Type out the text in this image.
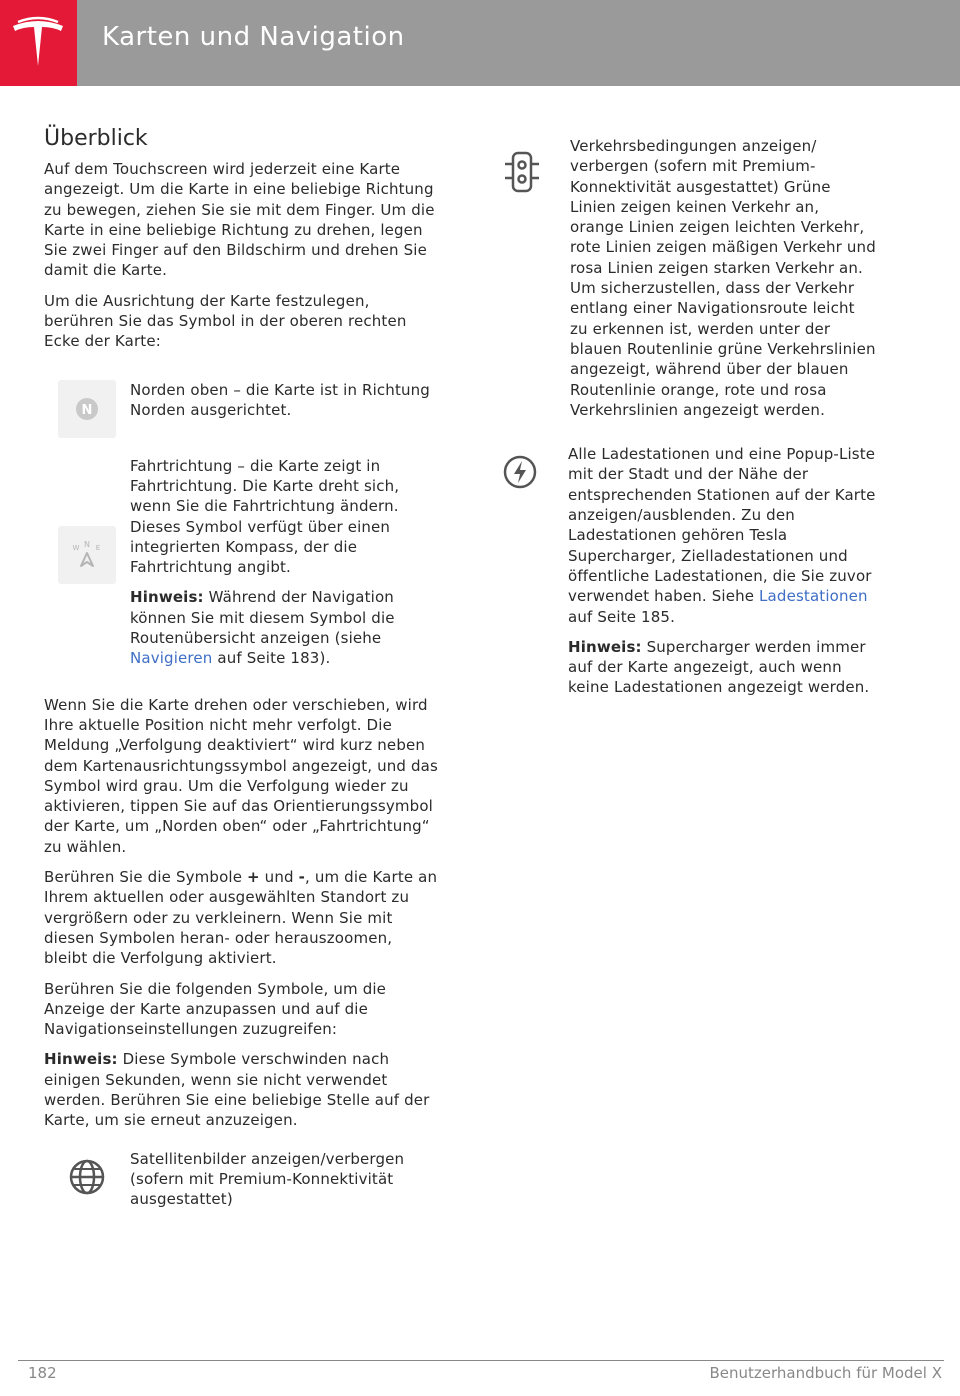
Karten und Navigation
Überblick

Auf dem Touchscreen wird jederzeit eine Karte angezeigt. Um die Karte in eine beliebige Richtung zu bewegen, ziehen Sie sie mit dem Finger. Um die Karte in eine beliebige Richtung zu drehen, legen Sie zwei Finger auf den Bildschirm und drehen Sie damit die Karte.

Um die Ausrichtung der Karte festzulegen, berühren Sie das Symbol in der oberen rechten Ecke der Karte:

N

Norden oben – die Karte ist in Richtung Norden ausgerichtet.

N
W E

Fahrtrichtung – die Karte zeigt in Fahrtrichtung. Die Karte dreht sich, wenn Sie die Fahrtrichtung ändern. Dieses Symbol verfügt über einen integrierten Kompass, der die Fahrtrichtung angibt.

Hinweis: Während der Navigation können Sie mit diesem Symbol die Routenübersicht anzeigen (siehe Navigieren auf Seite 183).

Wenn Sie die Karte drehen oder verschieben, wird Ihre aktuelle Position nicht mehr verfolgt. Die Meldung „Verfolgung deaktiviert“ wird kurz neben dem Kartenausrichtungssymbol angezeigt, und das Symbol wird grau. Um die Verfolgung wieder zu aktivieren, tippen Sie auf das Orientierungssymbol der Karte, um „Norden oben“ oder „Fahrtrichtung“ zu wählen.

Berühren Sie die Symbole + und -, um die Karte an Ihrem aktuellen oder ausgewählten Standort zu vergrößern oder zu verkleinern. Wenn Sie mit diesen Symbolen heran- oder herauszoomen, bleibt die Verfolgung aktiviert.

Berühren Sie die folgenden Symbole, um die Anzeige der Karte anzupassen und auf die Navigationseinstellungen zuzugreifen:

Hinweis: Diese Symbole verschwinden nach einigen Sekunden, wenn sie nicht verwendet werden. Berühren Sie eine beliebige Stelle auf der Karte, um sie erneut anzuzeigen.

Satellitenbilder anzeigen/verbergen (sofern mit Premium-Konnektivität ausgestattet)

Verkehrsbedingungen anzeigen/ verbergen (sofern mit Premium-Konnektivität ausgestattet) Grüne Linien zeigen keinen Verkehr an, orange Linien zeigen leichten Verkehr, rote Linien zeigen mäßigen Verkehr und rosa Linien zeigen starken Verkehr an. Um sicherzustellen, dass der Verkehr entlang einer Navigationsroute leicht zu erkennen ist, werden unter der blauen Routenlinie grüne Verkehrslinien angezeigt, während über der blauen Routenlinie orange, rote und rosa Verkehrslinien angezeigt werden.

Alle Ladestationen und eine Popup-Liste mit der Stadt und der Nähe der entsprechenden Stationen auf der Karte anzeigen/ausblenden. Zu den Ladestationen gehören Tesla Supercharger, Zielladestationen und öffentliche Ladestationen, die Sie zuvor verwendet haben. Siehe Ladestationen auf Seite 185.

Hinweis: Supercharger werden immer auf der Karte angezeigt, auch wenn keine Ladestationen angezeigt werden.

182	Benutzerhandbuch für Model X
